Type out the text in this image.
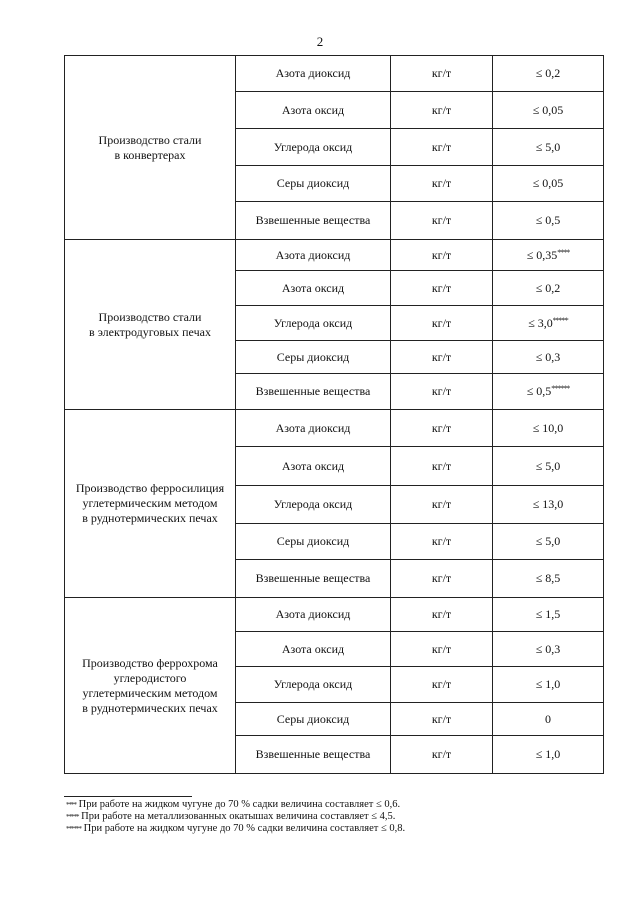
2
Производство стали
в конвертерах	Азота диоксид	кг/т	≤ 0,2
	Азота оксид	кг/т	≤ 0,05
	Углерода оксид	кг/т	≤ 5,0
	Серы диоксид	кг/т	≤ 0,05
	Взвешенные вещества	кг/т	≤ 0,5
Производство стали
в электродуговых печах	Азота диоксид	кг/т	≤ 0,35****
	Азота оксид	кг/т	≤ 0,2
	Углерода оксид	кг/т	≤ 3,0*****
	Серы диоксид	кг/т	≤ 0,3
	Взвешенные вещества	кг/т	≤ 0,5******
Производство ферросилиция
углетермическим методом
в руднотермических печах	Азота диоксид	кг/т	≤ 10,0
	Азота оксид	кг/т	≤ 5,0
	Углерода оксид	кг/т	≤ 13,0
	Серы диоксид	кг/т	≤ 5,0
	Взвешенные вещества	кг/т	≤ 8,5
Производство феррохрома
углеродистого
углетермическим методом
в руднотермических печах	Азота диоксид	кг/т	≤ 1,5
	Азота оксид	кг/т	≤ 0,3
	Углерода оксид	кг/т	≤ 1,0
	Серы диоксид	кг/т	0
	Взвешенные вещества	кг/т	≤ 1,0
**** При работе на жидком чугуне до 70 % садки величина составляет ≤ 0,6.
***** При работе на металлизованных окатышах величина составляет ≤ 4,5.
****** При работе на жидком чугуне до 70 % садки величина составляет ≤ 0,8.
